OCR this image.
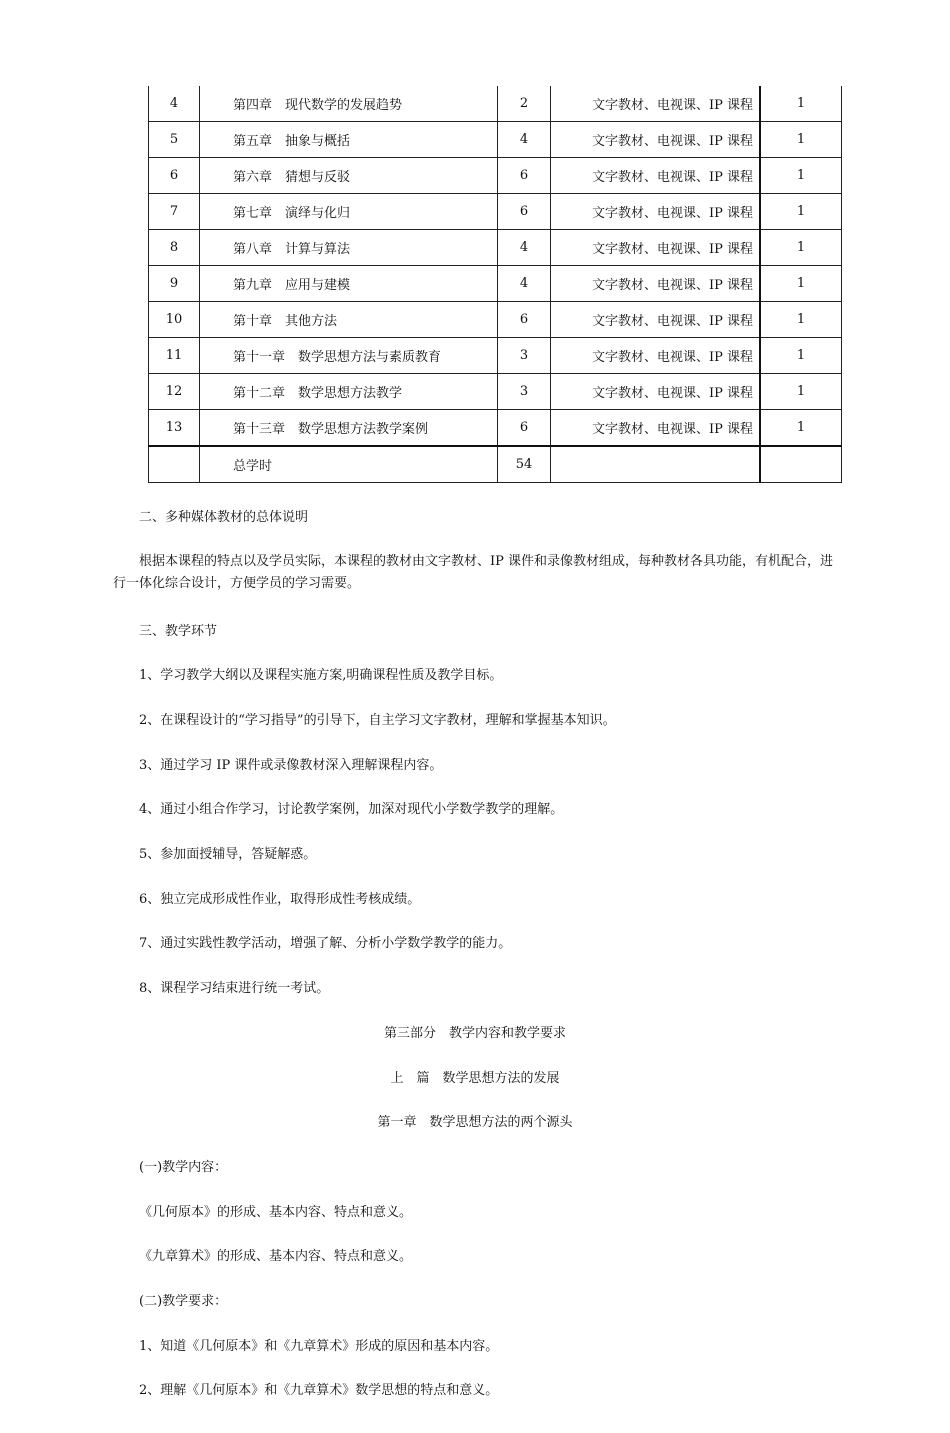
4	第四章　现代数学的发展趋势	2	文字教材、电视课、IP 课程	1
5	第五章　抽象与概括	4	文字教材、电视课、IP 课程	1
6	第六章　猜想与反驳	6	文字教材、电视课、IP 课程	1
7	第七章　演绎与化归	6	文字教材、电视课、IP 课程	1
8	第八章　计算与算法	4	文字教材、电视课、IP 课程	1
9	第九章　应用与建模	4	文字教材、电视课、IP 课程	1
10	第十章　其他方法	6	文字教材、电视课、IP 课程	1
11	第十一章　数学思想方法与素质教育	3	文字教材、电视课、IP 课程	1
12	第十二章　数学思想方法教学	3	文字教材、电视课、IP 课程	1
13	第十三章　数学思想方法教学案例	6	文字教材、电视课、IP 课程	1
	总学时	54		
二、多种媒体教材的总体说明
根据本课程的特点以及学员实际，本课程的教材由文字教材、IP 课件和录像教材组成，每种教材各具功能，有机配合，进行一体化综合设计，方便学员的学习需要。
三、教学环节
1、学习教学大纲以及课程实施方案,明确课程性质及教学目标。
2、在课程设计的“学习指导”的引导下，自主学习文字教材，理解和掌握基本知识。
3、通过学习 IP 课件或录像教材深入理解课程内容。
4、通过小组合作学习，讨论教学案例，加深对现代小学数学教学的理解。
5、参加面授辅导，答疑解惑。
6、独立完成形成性作业，取得形成性考核成绩。
7、通过实践性教学活动，增强了解、分析小学数学教学的能力。
8、课程学习结束进行统一考试。
第三部分　教学内容和教学要求
上　篇　数学思想方法的发展
第一章　数学思想方法的两个源头
(一)教学内容：
《几何原本》的形成、基本内容、特点和意义。
《九章算术》的形成、基本内容、特点和意义。
(二)教学要求：
1、知道《几何原本》和《九章算术》形成的原因和基本内容。
2、理解《几何原本》和《九章算术》数学思想的特点和意义。
